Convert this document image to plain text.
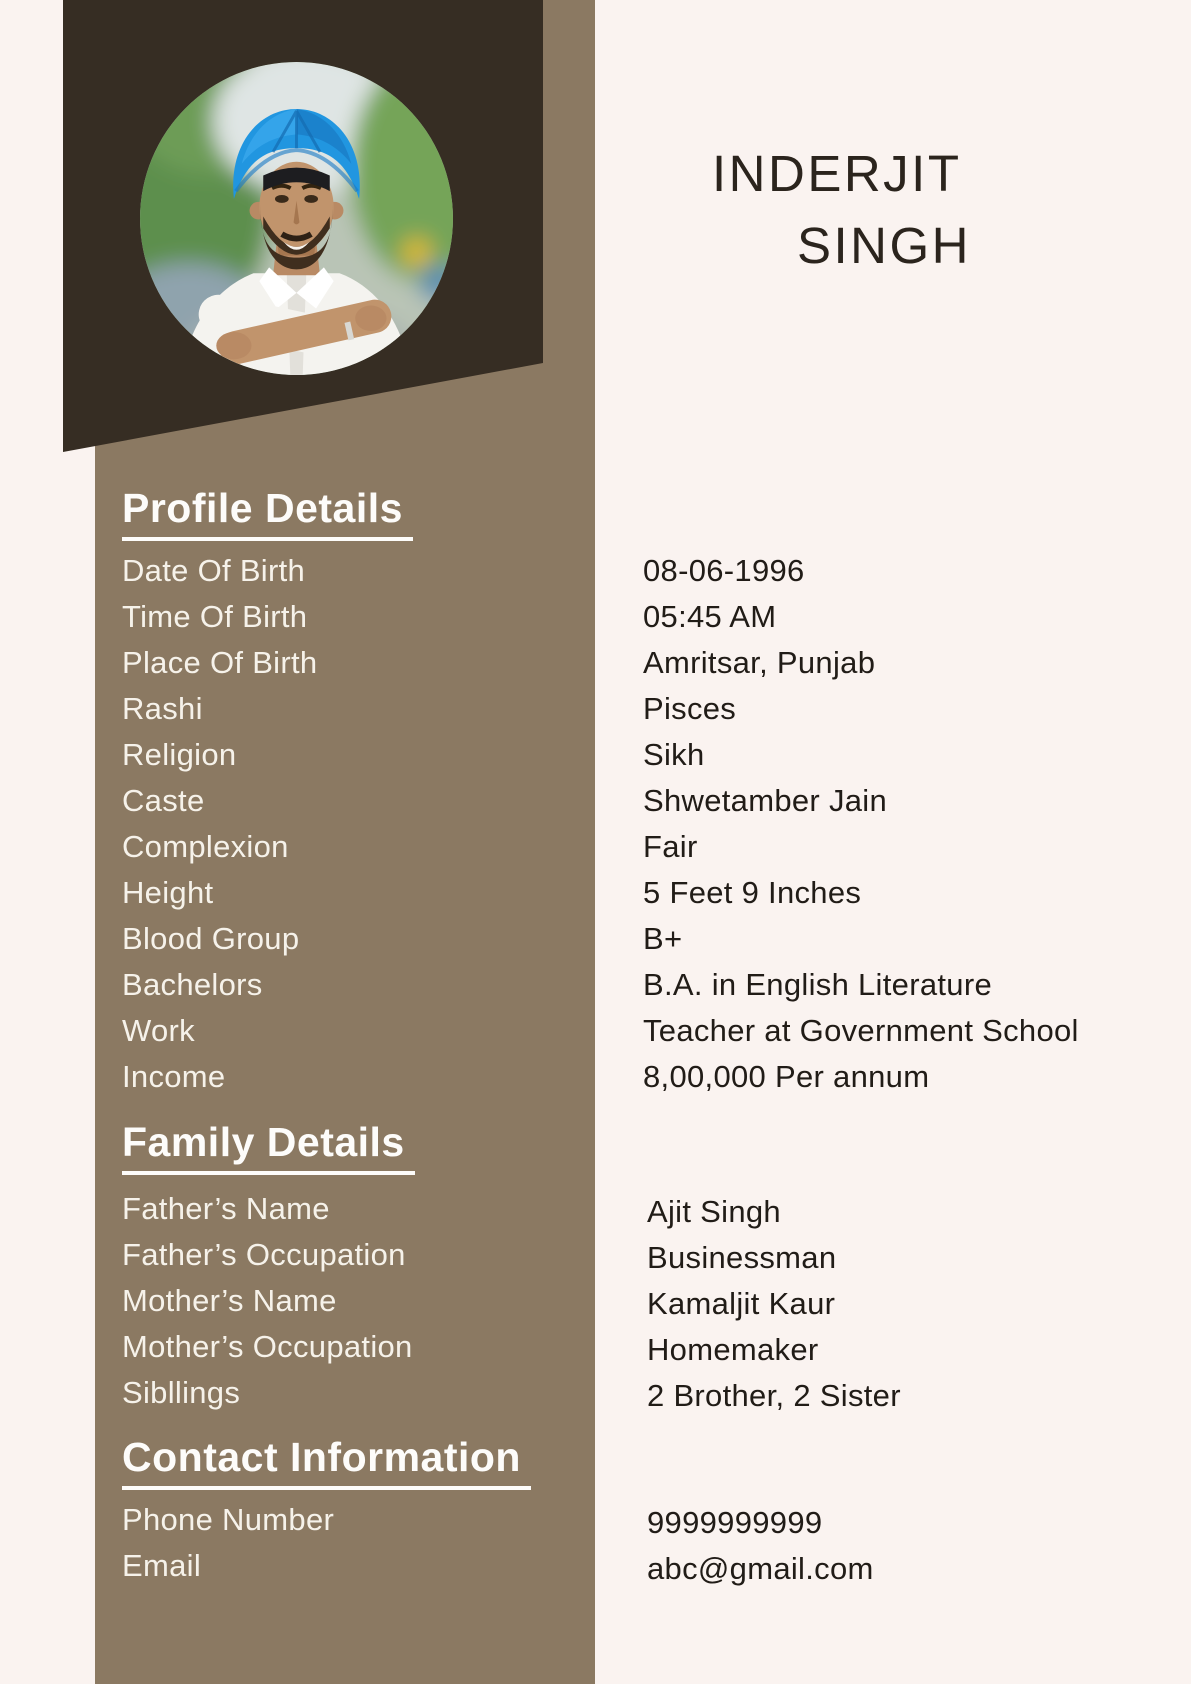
INDERJIT
SINGH
Profile Details
Date Of Birth	08-06-1996
Time Of Birth	05:45 AM
Place Of Birth	Amritsar, Punjab
Rashi	Pisces
Religion	Sikh
Caste	Shwetamber Jain
Complexion	Fair
Height	5 Feet 9 Inches
Blood Group	B+
Bachelors	B.A. in English Literature
Work	Teacher at Government School
Income	8,00,000 Per annum
Family Details
Father’s Name	Ajit Singh
Father’s Occupation	Businessman
Mother’s Name	Kamaljit Kaur
Mother’s Occupation	Homemaker
Sibllings	2 Brother, 2 Sister
Contact Information
Phone Number	9999999999
Email	abc@gmail.com
